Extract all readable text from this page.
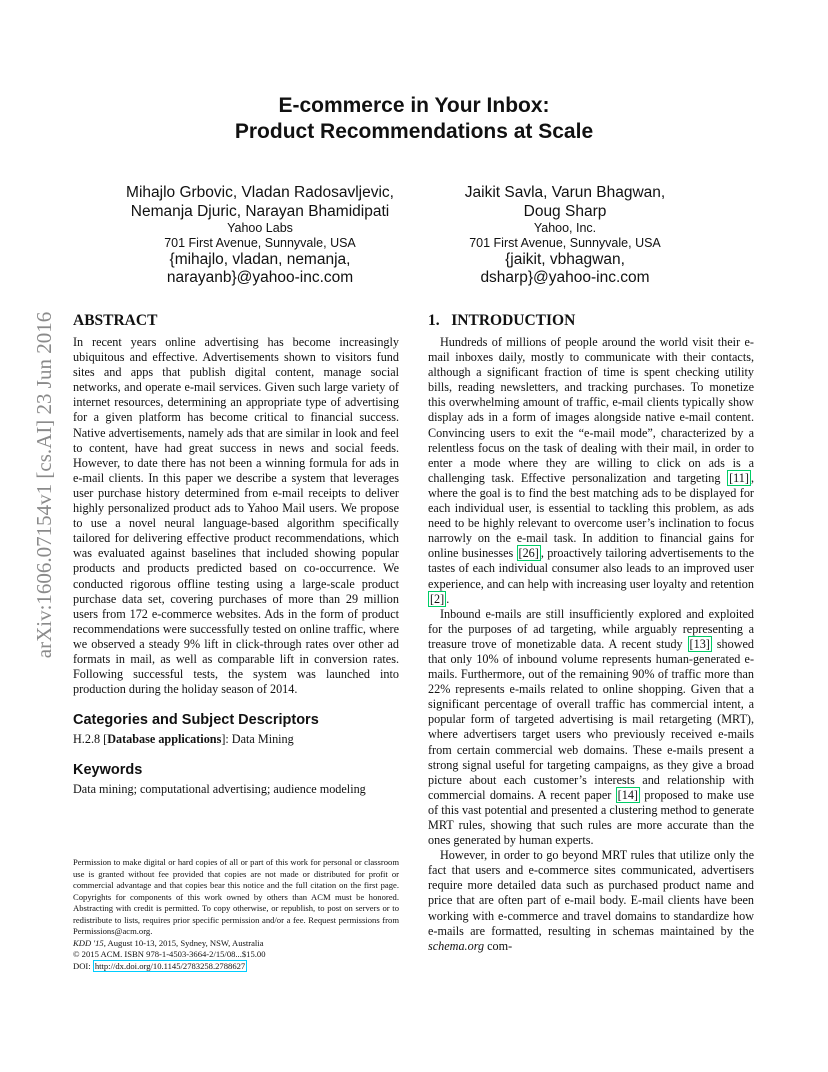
E-commerce in Your Inbox:
Product Recommendations at Scale
Mihajlo Grbovic, Vladan Radosavljevic,
Nemanja Djuric, Narayan Bhamidipati
Yahoo Labs
701 First Avenue, Sunnyvale, USA
{mihajlo, vladan, nemanja,
narayanb}@yahoo-inc.com
Jaikit Savla, Varun Bhagwan,
Doug Sharp
Yahoo, Inc.
701 First Avenue, Sunnyvale, USA
{jaikit, vbhagwan,
dsharp}@yahoo-inc.com
arXiv:1606.07154v1 [cs.AI] 23 Jun 2016 ABSTRACT

In recent years online advertising has become increasingly ubiquitous and effective. Advertisements shown to visitors fund sites and apps that publish digital content, manage social networks, and operate e-mail services. Given such large variety of internet resources, determining an appropriate type of advertising for a given platform has become critical to financial success. Native advertisements, namely ads that are similar in look and feel to content, have had great success in news and social feeds. However, to date there has not been a winning formula for ads in e-mail clients. In this paper we describe a system that leverages user purchase history determined from e-mail receipts to deliver highly personalized product ads to Yahoo Mail users. We propose to use a novel neural language-based algorithm specifically tailored for delivering effective product recommendations, which was evaluated against baselines that included showing popular products and products predicted based on co-occurrence. We conducted rigorous offline testing using a large-scale product purchase data set, covering purchases of more than 29 million users from 172 e-commerce websites. Ads in the form of product recommendations were successfully tested on online traffic, where we observed a steady 9% lift in click-through rates over other ad formats in mail, as well as comparable lift in conversion rates. Following successful tests, the system was launched into production during the holiday season of 2014.

Categories and Subject Descriptors

H.2.8 [Database applications]: Data Mining

Keywords

Data mining; computational advertising; audience modeling

Permission to make digital or hard copies of all or part of this work for personal or classroom use is granted without fee provided that copies are not made or distributed for profit or commercial advantage and that copies bear this notice and the full citation on the first page. Copyrights for components of this work owned by others than ACM must be honored. Abstracting with credit is permitted. To copy otherwise, or republish, to post on servers or to redistribute to lists, requires prior specific permission and/or a fee. Request permissions from Permissions@acm.org.
KDD '15, August 10-13, 2015, Sydney, NSW, Australia
© 2015 ACM. ISBN 978-1-4503-3664-2/15/08...$15.00
DOI: http://dx.doi.org/10.1145/2783258.2788627
1.   INTRODUCTION

Hundreds of millions of people around the world visit their e-mail inboxes daily, mostly to communicate with their contacts, although a significant fraction of time is spent checking utility bills, reading newsletters, and tracking purchases. To monetize this overwhelming amount of traffic, e-mail clients typically show display ads in a form of images alongside native e-mail content. Convincing users to exit the “e-mail mode”, characterized by a relentless focus on the task of dealing with their mail, in order to enter a mode where they are willing to click on ads is a challenging task. Effective personalization and targeting [11] , where the goal is to find the best matching ads to be displayed for each individual user, is essential to tackling this problem, as ads need to be highly relevant to overcome user’s inclination to focus narrowly on the e-mail task. In addition to financial gains for online businesses [26] , proactively tailoring advertisements to the tastes of each individual consumer also leads to an improved user experience, and can help with increasing user loyalty and retention [2] .

Inbound e-mails are still insufficiently explored and exploited for the purposes of ad targeting, while arguably representing a treasure trove of monetizable data. A recent study [13] showed that only 10% of inbound volume represents human-generated e-mails. Furthermore, out of the remaining 90% of traffic more than 22% represents e-mails related to online shopping. Given that a significant percentage of overall traffic has commercial intent, a popular form of targeted advertising is mail retargeting (MRT), where advertisers target users who previously received e-mails from certain commercial web domains. These e-mails present a strong signal useful for targeting campaigns, as they give a broad picture about each customer’s interests and relationship with commercial domains. A recent paper [14] proposed to make use of this vast potential and presented a clustering method to generate MRT rules, showing that such rules are more accurate than the ones generated by human experts.

However, in order to go beyond MRT rules that utilize only the fact that users and e-commerce sites communicated, advertisers require more detailed data such as purchased product name and price that are often part of e-mail body. E-mail clients have been working with e-commerce and travel domains to standardize how e-mails are formatted, resulting in schemas maintained by the schema.org com-
